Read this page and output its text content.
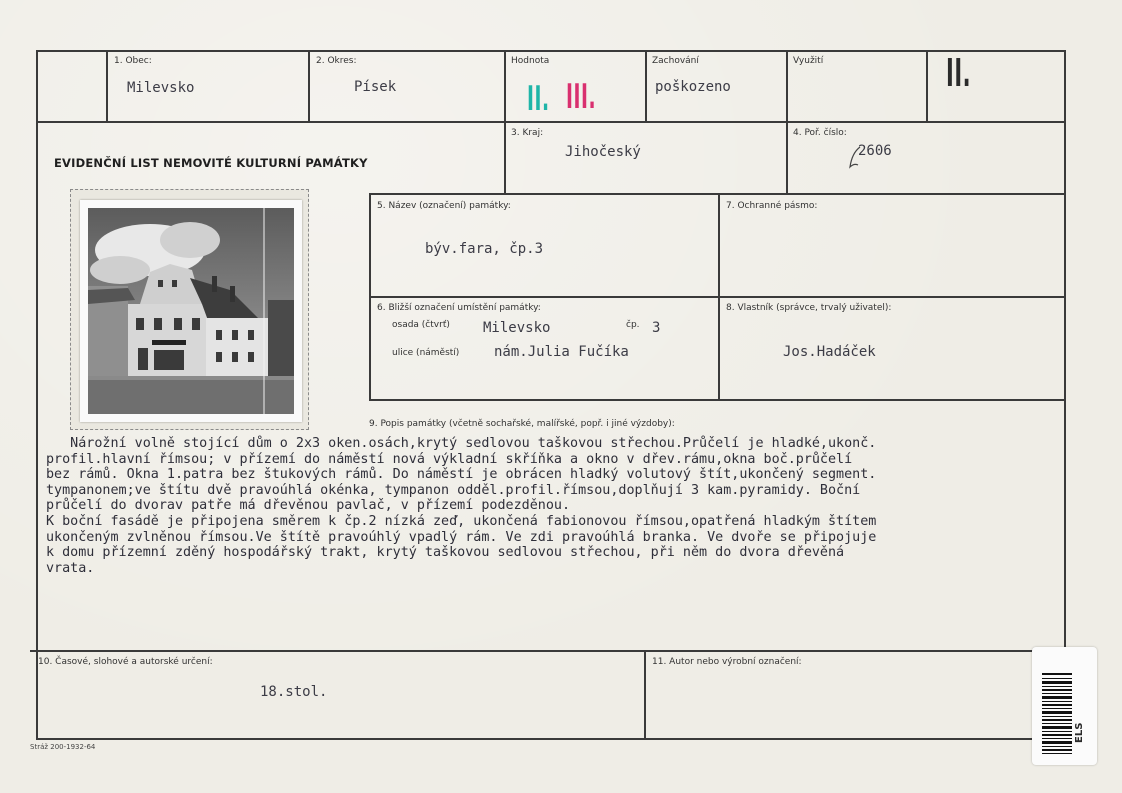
1. Obec:
Milevsko
2. Okres:
Písek
Hodnota
II. III.
Zachování
poškozeno
Využití	II.
EVIDENČNÍ LIST NEMOVITÉ KULTURNÍ PAMÁTKY
3. Kraj:
Jihočeský
4. Poř. číslo:
2606
5. Název (označení) památky:
býv.fara, čp.3
7. Ochranné pásmo:
6. Bližší označení umístění památky:
osada (čtvrť) Milevsko	čp. 3
ulice (náměstí) nám.Julia Fučíka
8. Vlastník (správce, trvalý uživatel):
Jos.Hadáček
9. Popis památky (včetně sochařské, malířské, popř. i jiné výzdoby):
Nárožní volně stojící dům o 2x3 oken.osách,krytý sedlovou taškovou střechou.Průčelí je hladké,ukonč.
profil.hlavní římsou; v přízemí do náměstí nová výkladní skříňka a okno v dřev.rámu,okna boč.průčelí
bez rámů. Okna 1.patra bez štukových rámů. Do náměstí je obrácen hladký volutový štít,ukončený segment.
tympanonem;ve štítu dvě pravoúhlá okénka, tympanon odděl.profil.římsou,doplňují 3 kam.pyramidy. Boční
průčelí do dvorav patře má dřevěnou pavlač, v přízemí podezděnou.
K boční fasádě je připojena směrem k čp.2 nízká zeď, ukončená fabionovou římsou,opatřená hladkým štítem
ukončeným zvlněnou římsou.Ve štítě pravoúhlý vpadlý rám. Ve zdi pravoúhlá branka. Ve dvoře se připojuje
k domu přízemní zděný hospodářský trakt, krytý taškovou sedlovou střechou, při něm do dvora dřevěná
vrata.
10. Časové, slohové a autorské určení:
18.stol.
11. Autor nebo výrobní označení:
Stráž 200-1932-64
ELS
